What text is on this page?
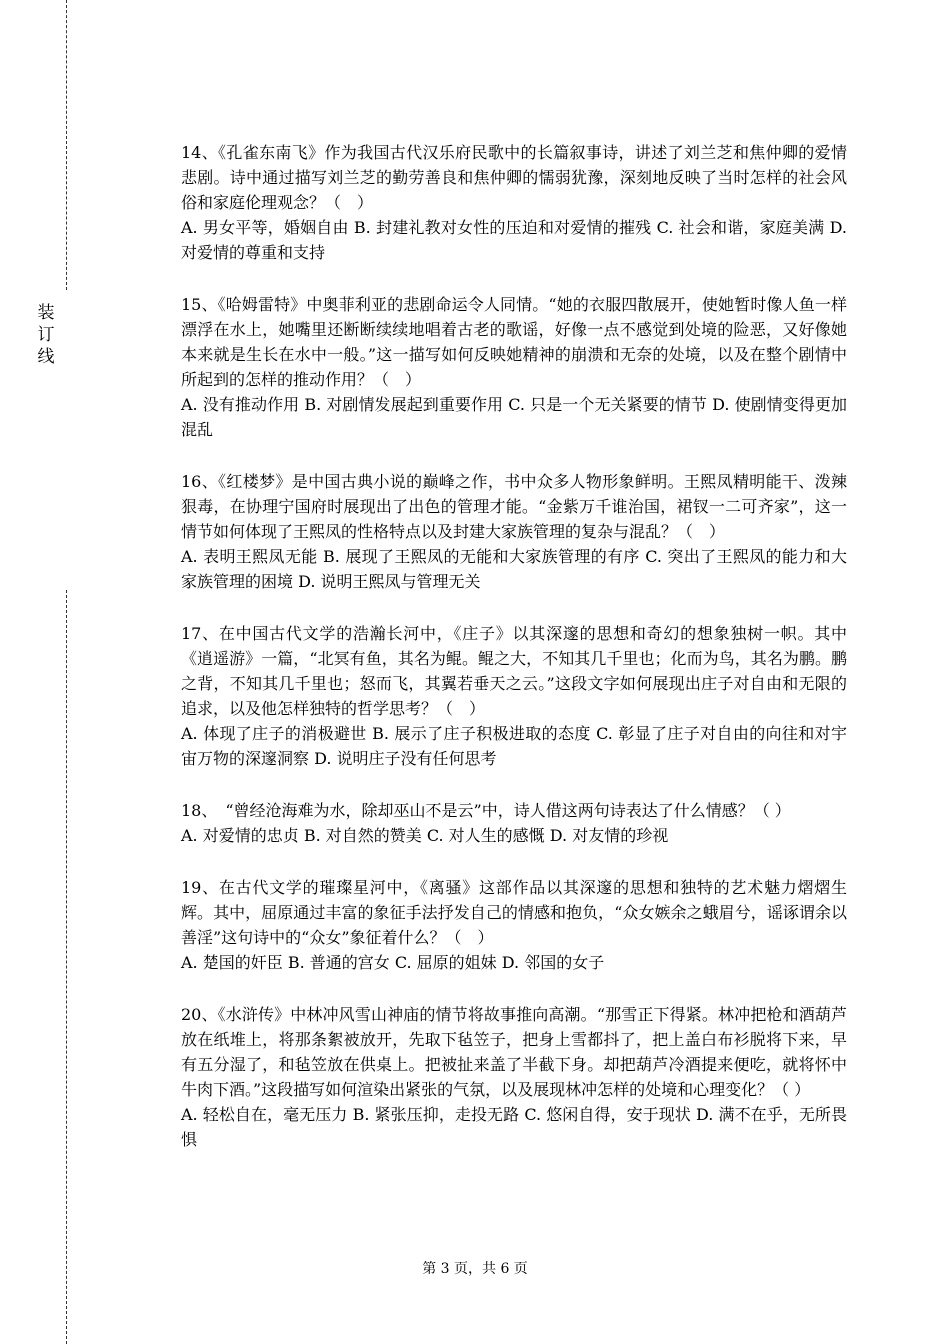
装
订
线

14、《孔雀东南飞》作为我国古代汉乐府民歌中的长篇叙事诗，讲述了刘兰芝和焦仲卿的爱情悲剧。诗中通过描写刘兰芝的勤劳善良和焦仲卿的懦弱犹豫，深刻地反映了当时怎样的社会风俗和家庭伦理观念？（　）

A. 男女平等，婚姻自由 B. 封建礼教对女性的压迫和对爱情的摧残 C. 社会和谐，家庭美满 D. 对爱情的尊重和支持

15、《哈姆雷特》中奥菲利亚的悲剧命运令人同情。“她的衣服四散展开，使她暂时像人鱼一样漂浮在水上，她嘴里还断断续续地唱着古老的歌谣，好像一点不感觉到处境的险恶，又好像她本来就是生长在水中一般。”这一描写如何反映她精神的崩溃和无奈的处境，以及在整个剧情中所起到的怎样的推动作用？（　）

A. 没有推动作用 B. 对剧情发展起到重要作用 C. 只是一个无关紧要的情节 D. 使剧情变得更加混乱

16、《红楼梦》是中国古典小说的巅峰之作，书中众多人物形象鲜明。王熙凤精明能干、泼辣狠毒，在协理宁国府时展现出了出色的管理才能。“金紫万千谁治国，裙钗一二可齐家”，这一情节如何体现了王熙凤的性格特点以及封建大家族管理的复杂与混乱？（　）

A. 表明王熙凤无能 B. 展现了王熙凤的无能和大家族管理的有序 C. 突出了王熙凤的能力和大家族管理的困境 D. 说明王熙凤与管理无关

17、在中国古代文学的浩瀚长河中，《庄子》以其深邃的思想和奇幻的想象独树一帜。其中《逍遥游》一篇，“北冥有鱼，其名为鲲。鲲之大，不知其几千里也；化而为鸟，其名为鹏。鹏之背，不知其几千里也；怒而飞，其翼若垂天之云。”这段文字如何展现出庄子对自由和无限的追求，以及他怎样独特的哲学思考？（　）

A. 体现了庄子的消极避世 B. 展示了庄子积极进取的态度 C. 彰显了庄子对自由的向往和对宇宙万物的深邃洞察 D. 说明庄子没有任何思考

18、　“曾经沧海难为水，除却巫山不是云”中，诗人借这两句诗表达了什么情感？（ ）

A. 对爱情的忠贞 B. 对自然的赞美 C. 对人生的感慨 D. 对友情的珍视

19、在古代文学的璀璨星河中，《离骚》这部作品以其深邃的思想和独特的艺术魅力熠熠生辉。其中，屈原通过丰富的象征手法抒发自己的情感和抱负，“众女嫉余之蛾眉兮，谣诼谓余以善淫”这句诗中的“众女”象征着什么？（　）

A. 楚国的奸臣 B. 普通的宫女 C. 屈原的姐妹 D. 邻国的女子

20、《水浒传》中林冲风雪山神庙的情节将故事推向高潮。“那雪正下得紧。林冲把枪和酒葫芦放在纸堆上，将那条絮被放开，先取下毡笠子，把身上雪都抖了，把上盖白布衫脱将下来，早有五分湿了，和毡笠放在供桌上。把被扯来盖了半截下身。却把葫芦冷酒提来便吃，就将怀中牛肉下酒。”这段描写如何渲染出紧张的气氛，以及展现林冲怎样的处境和心理变化？（ ）

A. 轻松自在，毫无压力 B. 紧张压抑，走投无路 C. 悠闲自得，安于现状 D. 满不在乎，无所畏惧

第 3 页，共 6 页
